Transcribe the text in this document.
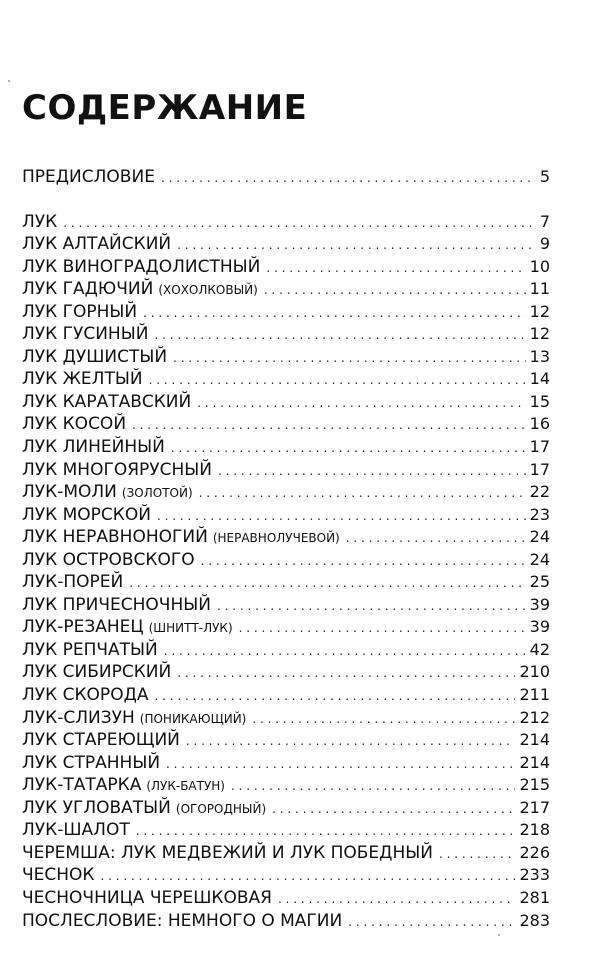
СОДЕРЖАНИЕ
ПРЕДИСЛОВИЕ . . .	5
ЛУК . . .	7
ЛУК АЛТАЙСКИЙ . . .	9
ЛУК ВИНОГРАДОЛИСТНЫЙ . . .	10
ЛУК ГАДЮЧИЙ (ХОХОЛКОВЫЙ) . . .	11
ЛУК ГОРНЫЙ . . .	12
ЛУК ГУСИНЫЙ . . .	12
ЛУК ДУШИСТЫЙ . . .	13
ЛУК ЖЕЛТЫЙ . . .	14
ЛУК КАРАТАВСКИЙ . . .	15
ЛУК КОСОЙ . . .	16
ЛУК ЛИНЕЙНЫЙ . . .	17
ЛУК МНОГОЯРУСНЫЙ . . .	17
ЛУК-МОЛИ (ЗОЛОТОЙ) . . .	22
ЛУК МОРСКОЙ . . .	23
ЛУК НЕРАВНОНОГИЙ (НЕРАВНОЛУЧЕВОЙ) . . .	24
ЛУК ОСТРОВСКОГО . . .	24
ЛУК-ПОРЕЙ . . .	25
ЛУК ПРИЧЕСНОЧНЫЙ . . .	39
ЛУК-РЕЗАНЕЦ (ШНИТТ-ЛУК) . . .	39
ЛУК РЕПЧАТЫЙ . . .	42
ЛУК СИБИРСКИЙ . . .	210
ЛУК СКОРОДА . . .	211
ЛУК-СЛИЗУН (ПОНИКАЮЩИЙ) . . .	212
ЛУК СТАРЕЮЩИЙ . . .	214
ЛУК СТРАННЫЙ . . .	214
ЛУК-ТАТАРКА (ЛУК-БАТУН) . . .	215
ЛУК УГЛОВАТЫЙ (ОГОРОДНЫЙ) . . .	217
ЛУК-ШАЛОТ . . .	218
ЧЕРЕМША: ЛУК МЕДВЕЖИЙ И ЛУК ПОБЕДНЫЙ . . .	226
ЧЕСНОК . . .	233
ЧЕСНОЧНИЦА ЧЕРЕШКОВАЯ . . .	281
ПОСЛЕСЛОВИЕ: НЕМНОГО О МАГИИ . . .	283
